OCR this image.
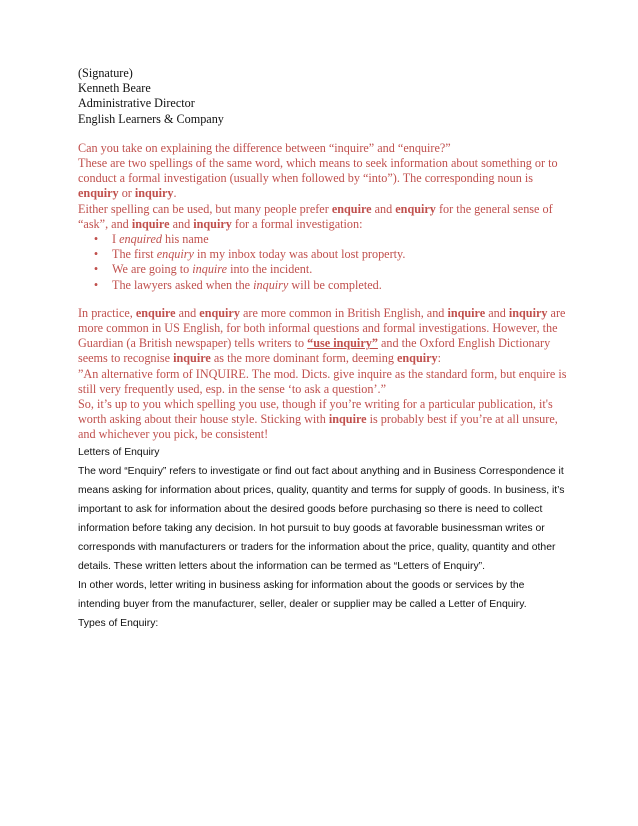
(Signature)

Kenneth Beare
Administrative Director
English Learners & Company

Can you take on explaining the difference between “inquire” and “enquire?”

These are two spellings of the same word, which means to seek information about something or to conduct a formal investigation (usually when followed by “into”). The corresponding noun is enquiry or inquiry.

Either spelling can be used, but many people prefer enquire and enquiry for the general sense of “ask”, and inquire and inquiry for a formal investigation:

•	I enquired his name
•	The first enquiry in my inbox today was about lost property.
•	We are going to inquire into the incident.
•	The lawyers asked when the inquiry will be completed.

In practice, enquire and enquiry are more common in British English, and inquire and inquiry are more common in US English, for both informal questions and formal investigations. However, the Guardian (a British newspaper) tells writers to “use inquiry” and the Oxford English Dictionary seems to recognise inquire as the more dominant form, deeming enquiry:

”An alternative form of INQUIRE. The mod. Dicts. give inquire as the standard form, but enquire is still very frequently used, esp. in the sense ‘to ask a question’.”

So, it’s up to you which spelling you use, though if you’re writing for a particular publication, it's worth asking about their house style. Sticking with inquire is probably best if you’re at all unsure, and whichever you pick, be consistent!

Letters of Enquiry

The word “Enquiry” refers to investigate or find out fact about anything and in Business Correspondence it means asking for information about prices, quality, quantity and terms for supply of goods. In business, it’s important to ask for information about the desired goods before purchasing so there is need to collect information before taking any decision. In hot pursuit to buy goods at favorable businessman writes or corresponds with manufacturers or traders for the information about the price, quality, quantity and other details. These written letters about the information can be termed as “Letters of Enquiry”.

In other words, letter writing in business asking for information about the goods or services by the intending buyer from the manufacturer, seller, dealer or supplier may be called a Letter of Enquiry.

Types of Enquiry:
